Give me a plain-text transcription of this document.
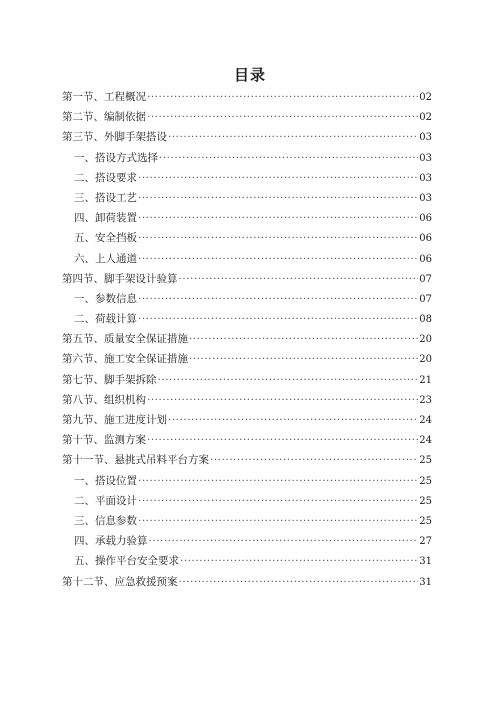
目录
第一节、工程概况 ·····	02
第二节、编制依据 ·····	02
第三节、外脚手架搭设 ·····	03
一、搭设方式选择 ·····	03
二、搭设要求 ·····	03
三、搭设工艺 ·····	03
四、卸荷装置 ·····	06
五、安全挡板 ·····	06
六、上人通道 ·····	06
第四节、脚手架设计验算 ·····	07
一、参数信息 ·····	07
二、荷载计算 ·····	08
第五节、质量安全保证措施 ·····	20
第六节、施工安全保证措施 ·····	20
第七节、脚手架拆除 ·····	21
第八节、组织机构 ·····	23
第九节、施工进度计划 ·····	24
第十节、监测方案 ·····	24
第十一节、悬挑式吊料平台方案 ·····	25
一、搭设位置 ·····	25
二、平面设计 ·····	25
三、信息参数 ·····	25
四、承载力验算 ·····	27
五、操作平台安全要求 ·····	31
第十二节、应急救援预案 ·····	31
